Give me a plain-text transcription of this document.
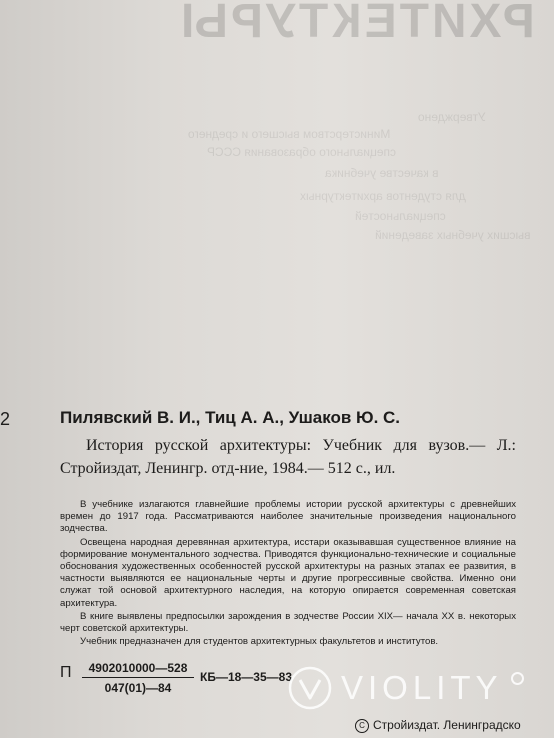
РХИТЕКТУРЫ
Утверждено
Министерством высшего и среднего
специального образования СССР
в качестве учебника
для студентов архитектурных
специальностей
высших учебных заведений
2	Пилявский В. И., Тиц А. А., Ушаков Ю. С.

История русской архитектуры: Учебник для вузов.— Л.: Стройиздат, Ленингр. отд-ние, 1984.— 512 с., ил.

В учебнике излагаются главнейшие проблемы истории русской архитектуры с древнейших времен до 1917 года. Рассматриваются наиболее значительные произведения национального зодчества.

Освещена народная деревянная архитектура, исстари оказывавшая существенное влияние на формирование монументального зодчества. Приводятся функционально-технические и социальные обоснования художественных особенностей русской архитектуры на разных этапах ее развития, в частности выявляются ее национальные черты и другие прогрессивные свойства. Именно они служат той основой архитектурного наследия, на которую опирается современная советская архитектура.

В книге выявлены предпосылки зарождения в зодчестве России XIX— начала XX в. некоторых черт советской архитектуры.

Учебник предназначен для студентов архитектурных факультетов и институтов.

П $\frac{4902010000—528}{047(01)—84}$ КБ—18—35—83
C Стройиздат. Ленинградско
VIOLITY
